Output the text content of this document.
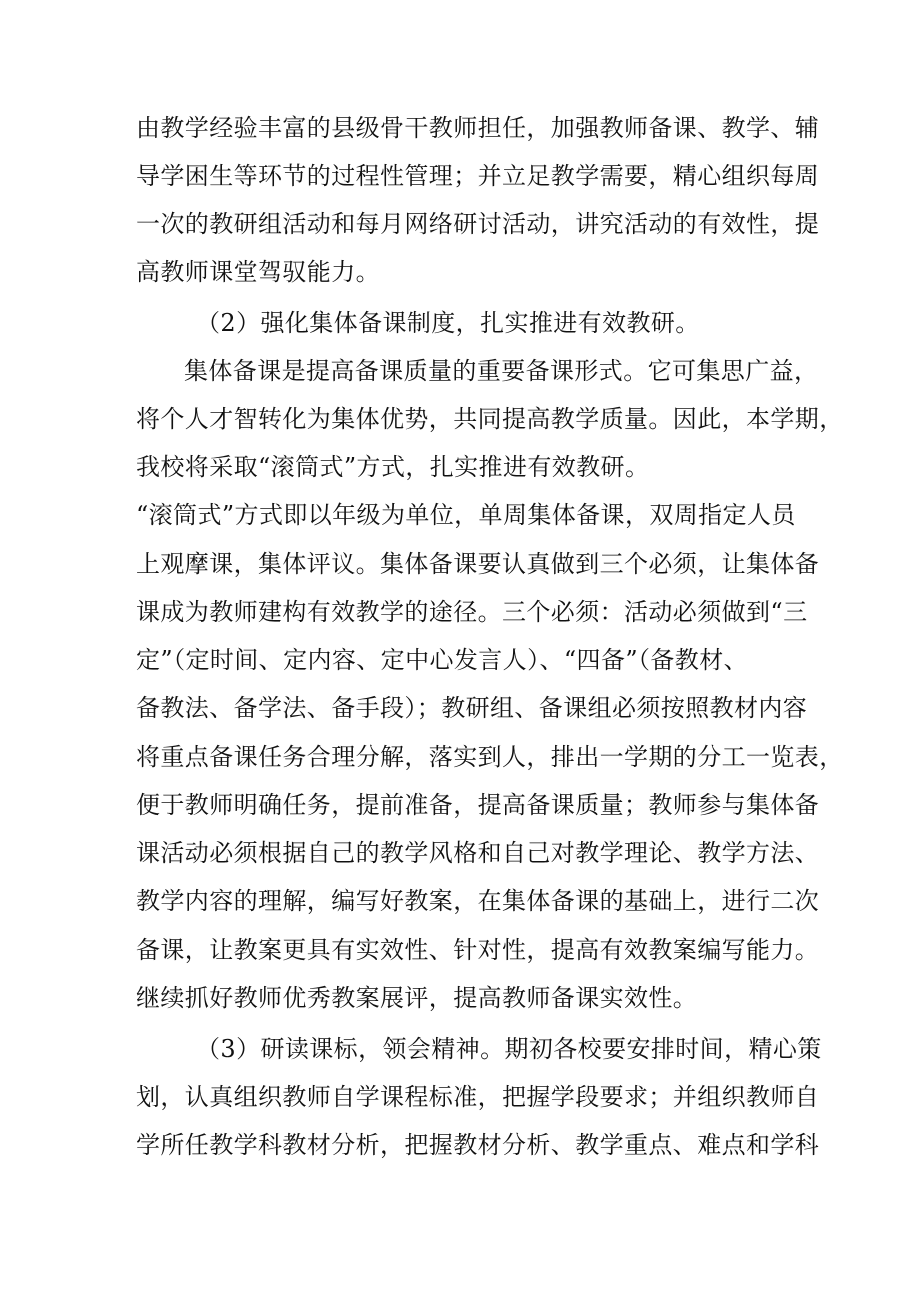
由教学经验丰富的县级骨干教师担任，加强教师备课、教学、辅

导学困生等环节的过程性管理；并立足教学需要，精心组织每周

一次的教研组活动和每月网络研讨活动，讲究活动的有效性，提

高教师课堂驾驭能力。

（2）强化集体备课制度，扎实推进有效教研。

集体备课是提高备课质量的重要备课形式。它可集思广益，

将个人才智转化为集体优势，共同提高教学质量。因此，本学期，

我校将采取“滚筒式”方式，扎实推进有效教研。

“滚筒式”方式即以年级为单位，单周集体备课，双周指定人员

上观摩课，集体评议。集体备课要认真做到三个必须，让集体备

课成为教师建构有效教学的途径。三个必须：活动必须做到“三

定”（定时间、定内容、定中心发言人）、“四备”（备教材、

备教法、备学法、备手段）；教研组、备课组必须按照教材内容

将重点备课任务合理分解，落实到人，排出一学期的分工一览表，

便于教师明确任务，提前准备，提高备课质量；教师参与集体备

课活动必须根据自己的教学风格和自己对教学理论、教学方法、

教学内容的理解，编写好教案，在集体备课的基础上，进行二次

备课，让教案更具有实效性、针对性，提高有效教案编写能力。

继续抓好教师优秀教案展评，提高教师备课实效性。

（3）研读课标，领会精神。期初各校要安排时间，精心策

划，认真组织教师自学课程标准，把握学段要求；并组织教师自

学所任教学科教材分析，把握教材分析、教学重点、难点和学科
